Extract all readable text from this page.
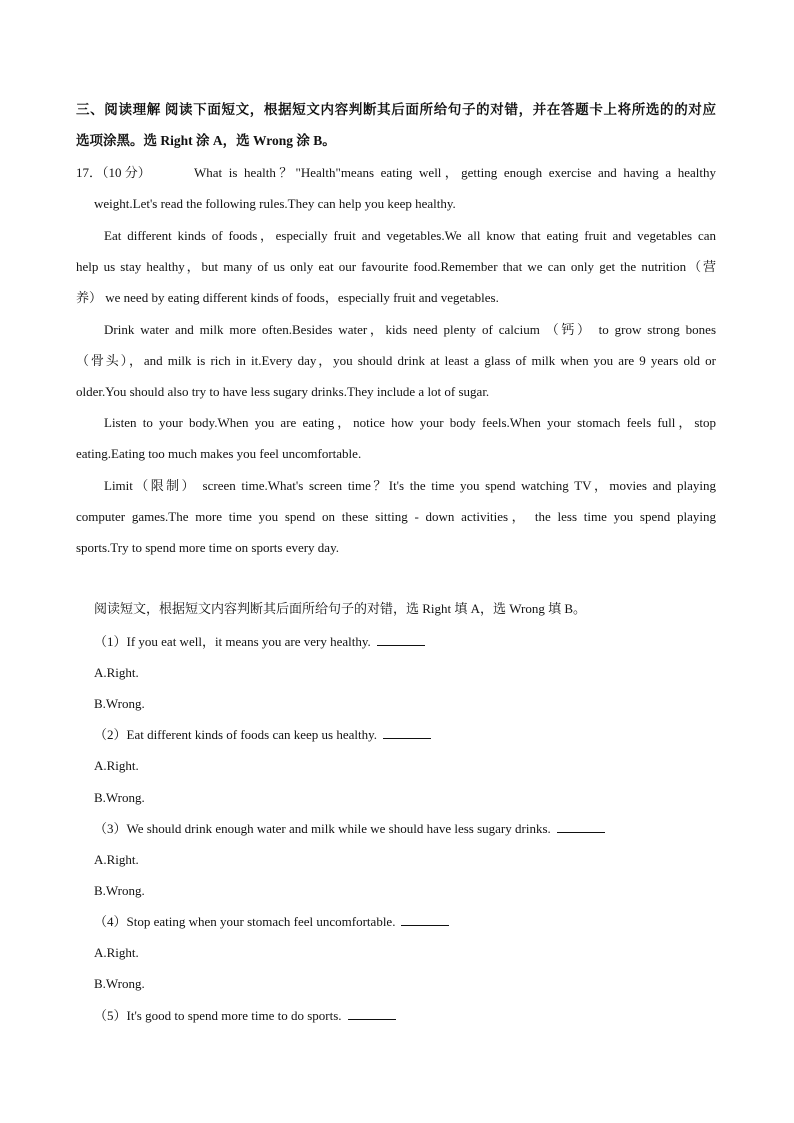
三、阅读理解 阅读下面短文，根据短文内容判断其后面所给句子的对错，并在答题卡上将所选的的对应
选项涂黑。选 Right 涂 A，选 Wrong 涂 B。
17．（10 分）	What is health？"Health"means eating well，getting enough exercise and having a healthy
weight.Let's read the following rules.They can help you keep healthy.
Eat different kinds of foods，especially fruit and vegetables.We all know that eating fruit and vegetables can
help us stay healthy，but many of us only eat our favourite food.Remember that we can only get the nutrition（营
养） we need by eating different kinds of foods，especially fruit and vegetables.
Drink water and milk more often.Besides water，kids need plenty of calcium （钙） to grow strong bones
（骨头），and milk is rich in it.Every day，you should drink at least a glass of milk when you are 9 years old or
older.You should also try to have less sugary drinks.They include a lot of sugar.
Listen to your body.When you are eating，notice how your body feels.When your stomach feels full，stop
eating.Eating too much makes you feel uncomfortable.
Limit（限制） screen time.What's screen time？It's the time you spend watching TV，movies and playing
computer games.The more time you spend on these sitting - down activities， the less time you spend playing
sports.Try to spend more time on sports every day.
阅读短文，根据短文内容判断其后面所给句子的对错，选 Right 填 A，选 Wrong 填 B。
（1）If you eat well，it means you are very healthy.
A.Right.
B.Wrong.
（2）Eat different kinds of foods can keep us healthy.
A.Right.
B.Wrong.
（3）We should drink enough water and milk while we should have less sugary drinks.
A.Right.
B.Wrong.
（4）Stop eating when your stomach feel uncomfortable.
A.Right.
B.Wrong.
（5）It's good to spend more time to do sports.
